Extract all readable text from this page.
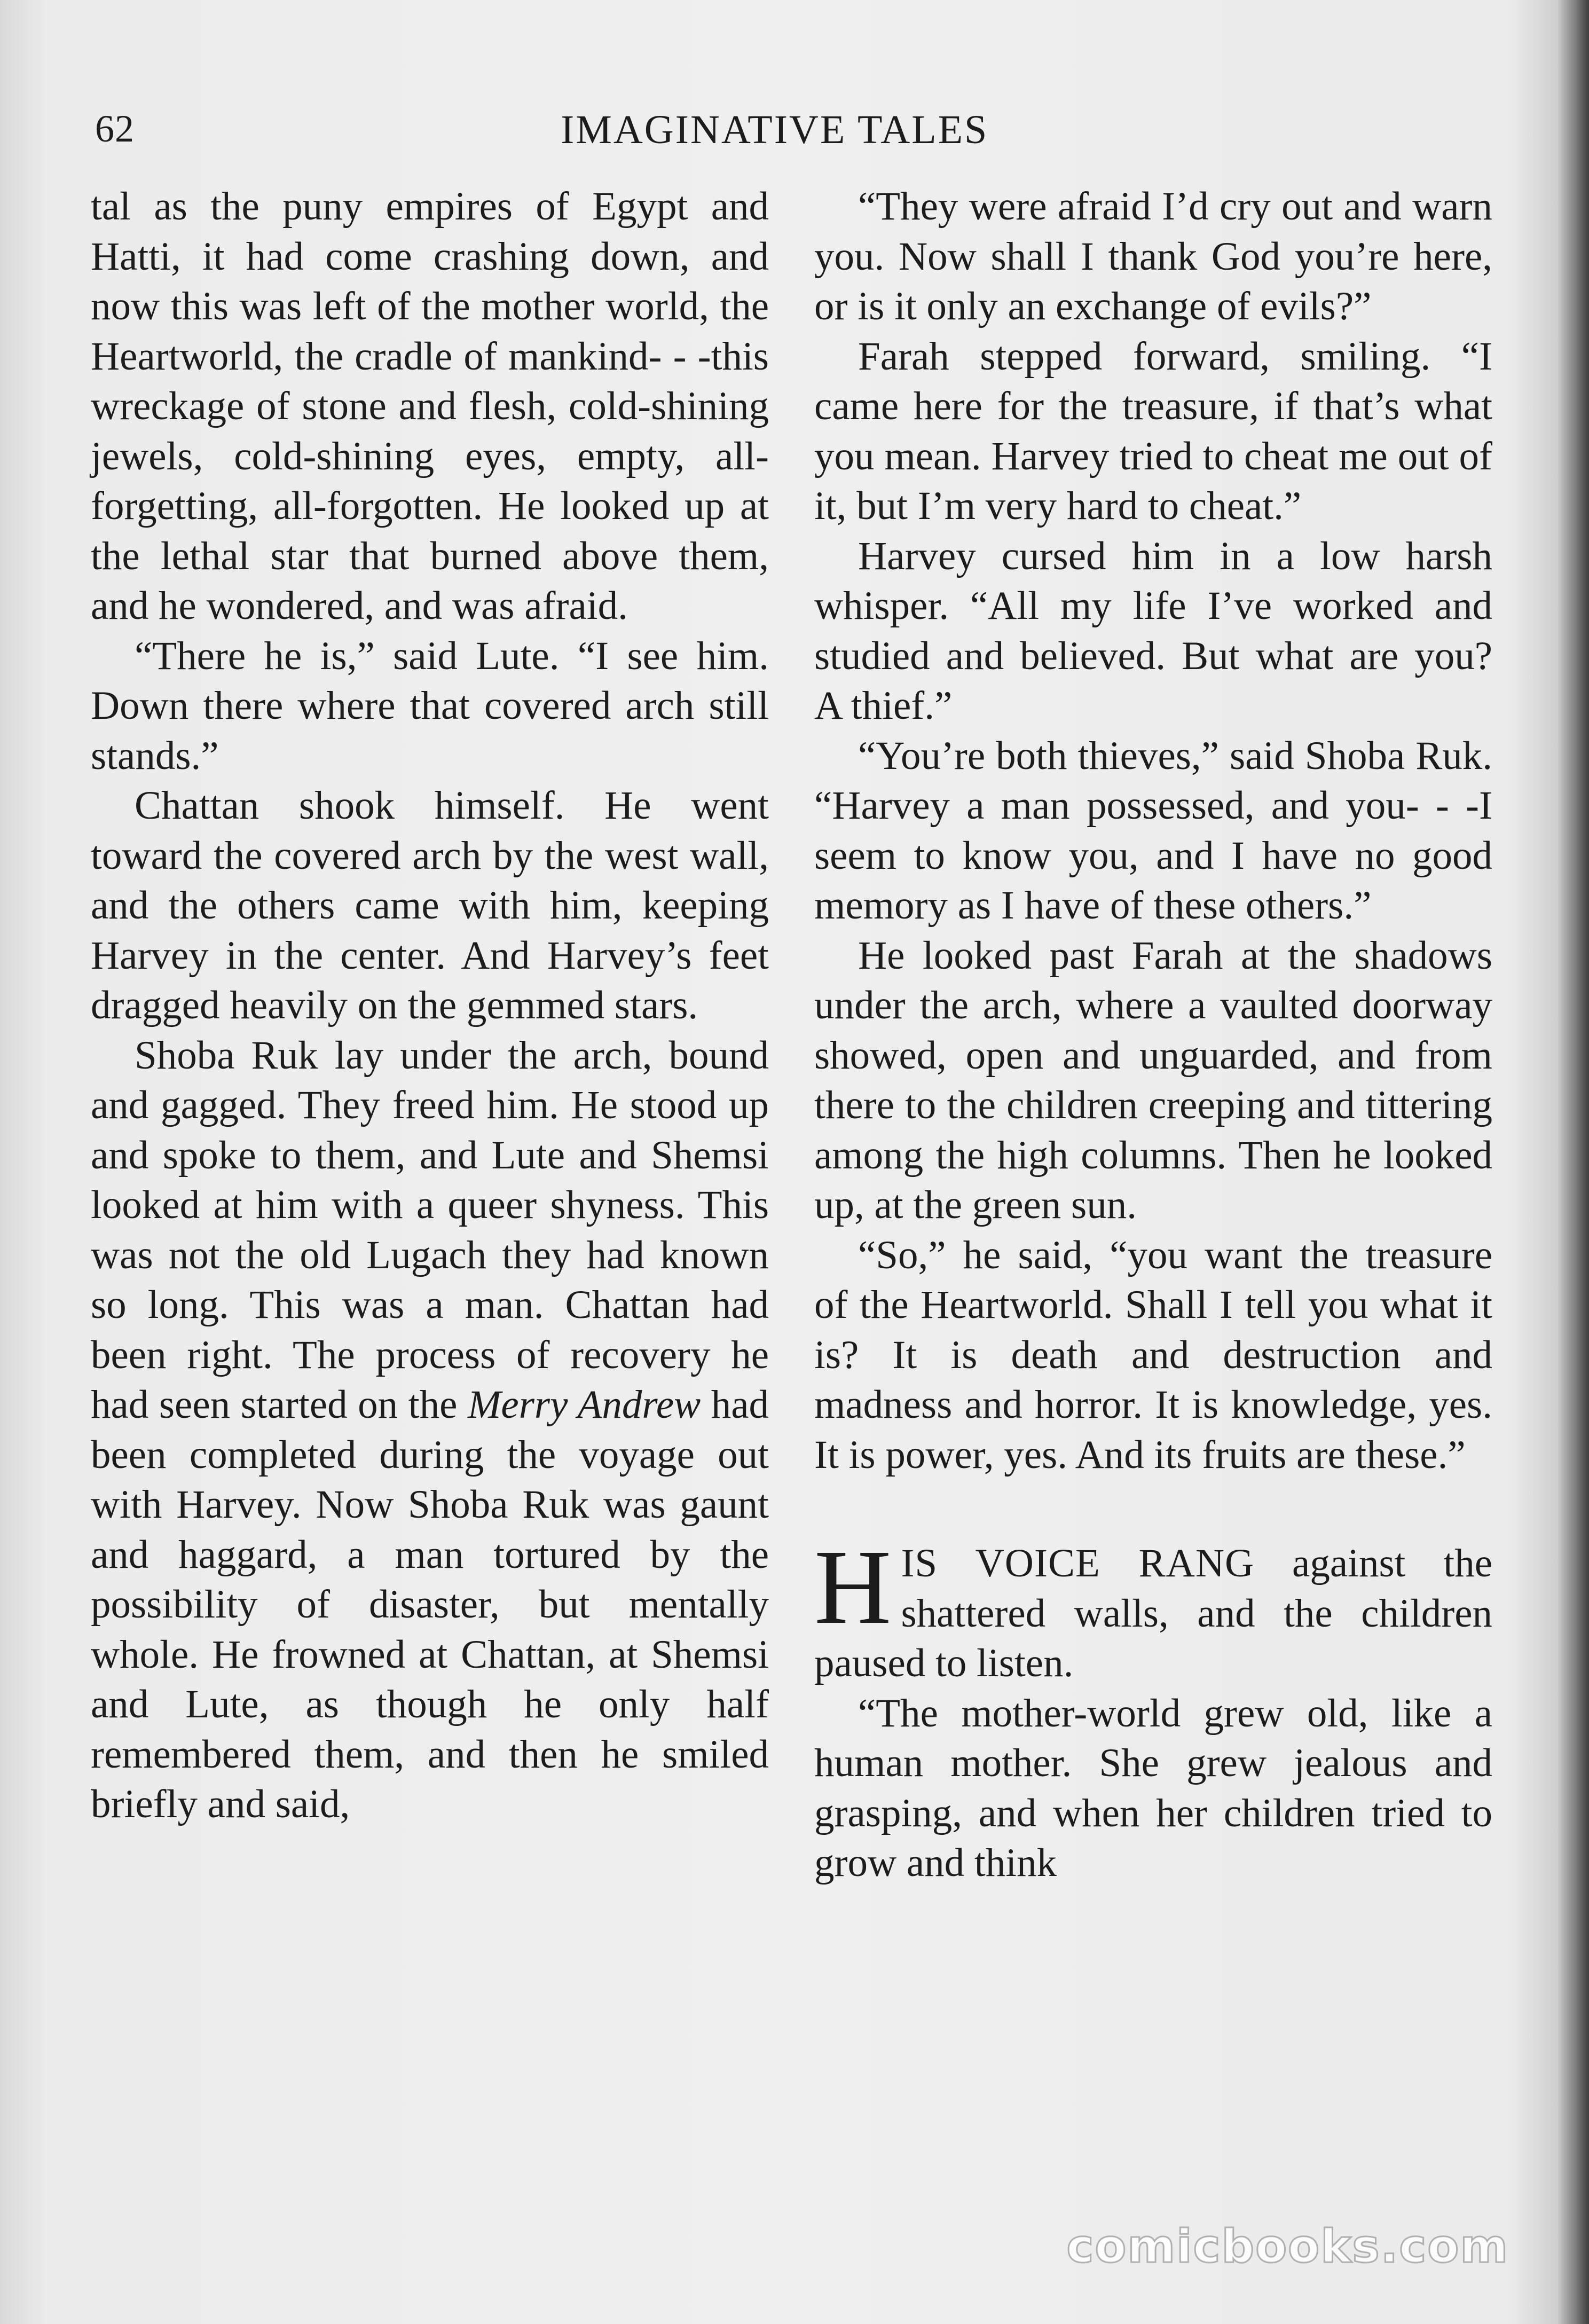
62	IMAGINATIVE TALES

tal as the puny empires of Egypt and Hatti, it had come crashing down, and now this was left of the mother world, the Heartworld, the cradle of mankind- - -this wreckage of stone and flesh, cold-shining jewels, cold-shining eyes, empty, all-forgetting, all-forgotten. He looked up at the lethal star that burned above them, and he wondered, and was afraid.

“There he is,” said Lute. “I see him. Down there where that covered arch still stands.”

Chattan shook himself. He went toward the covered arch by the west wall, and the others came with him, keeping Harvey in the center. And Harvey’s feet dragged heavily on the gemmed stars.

Shoba Ruk lay under the arch, bound and gagged. They freed him. He stood up and spoke to them, and Lute and Shemsi looked at him with a queer shyness. This was not the old Lugach they had known so long. This was a man. Chattan had been right. The process of recovery he had seen started on the Merry Andrew had been completed during the voyage out with Harvey. Now Shoba Ruk was gaunt and haggard, a man tortured by the possibility of disaster, but mentally whole. He frowned at Chattan, at Shemsi and Lute, as though he only half remembered them, and then he smiled briefly and said,

“They were afraid I’d cry out and warn you. Now shall I thank God you’re here, or is it only an exchange of evils?”

Farah stepped forward, smiling. “I came here for the treasure, if that’s what you mean. Harvey tried to cheat me out of it, but I’m very hard to cheat.”

Harvey cursed him in a low harsh whisper. “All my life I’ve worked and studied and believed. But what are you? A thief.”

“You’re both thieves,” said Shoba Ruk. “Harvey a man possessed, and you- - -I seem to know you, and I have no good memory as I have of these others.”

He looked past Farah at the shadows under the arch, where a vaulted doorway showed, open and unguarded, and from there to the children creeping and tittering among the high columns. Then he looked up, at the green sun.

“So,” he said, “you want the treasure of the Heartworld. Shall I tell you what it is? It is death and destruction and madness and horror. It is knowledge, yes. It is power, yes. And its fruits are these.”

HIS VOICE RANG against the shattered walls, and the children paused to listen.

“The mother-world grew old, like a human mother. She grew jealous and grasping, and when her children tried to grow and think

comicbooks.com
